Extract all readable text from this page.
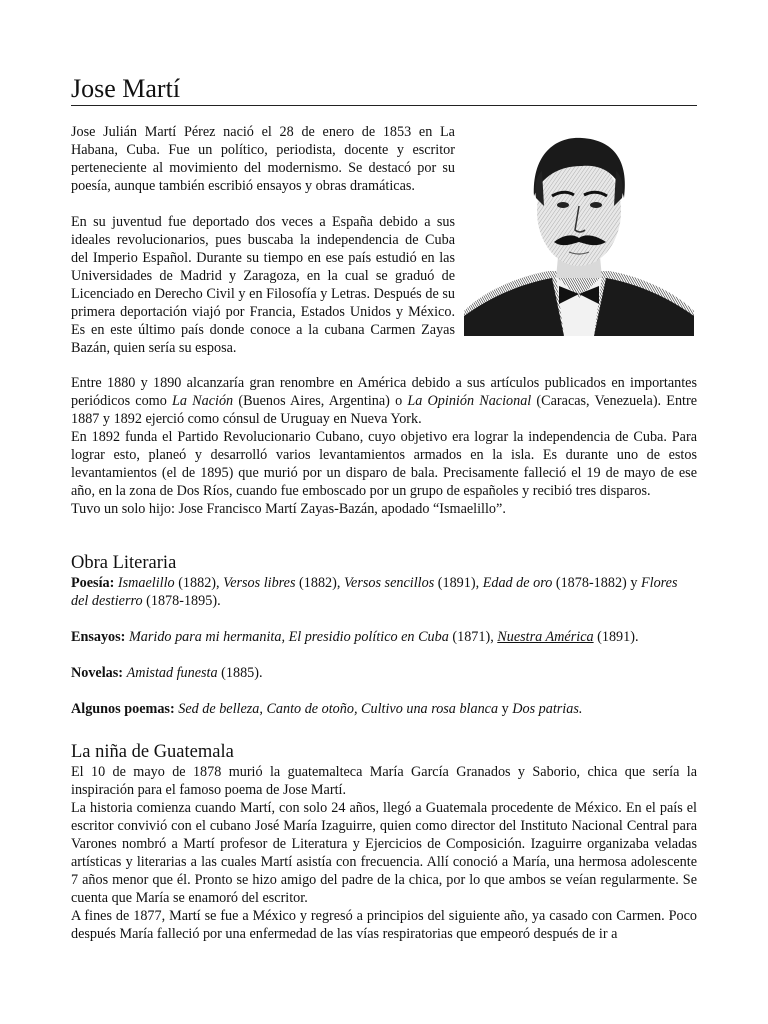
Jose Martí

Jose Julián Martí Pérez nació el 28 de enero de 1853 en La Habana, Cuba. Fue un político, periodista, docente y escritor perteneciente al movimiento del modernismo. Se destacó por su poesía, aunque también escribió ensayos y obras dramáticas.

En su juventud fue deportado dos veces a España debido a sus ideales revolucionarios, pues buscaba la independencia de Cuba del Imperio Español. Durante su tiempo en ese país estudió en las Universidades de Madrid y Zaragoza, en la cual se graduó de Licenciado en Derecho Civil y en Filosofía y Letras. Después de su primera deportación viajó por Francia, Estados Unidos y México. Es en este último país donde conoce a la cubana Carmen Zayas Bazán, quien sería su esposa.

Entre 1880 y 1890 alcanzaría gran renombre en América debido a sus artículos publicados en importantes periódicos como La Nación (Buenos Aires, Argentina) o La Opinión Nacional (Caracas, Venezuela). Entre 1887 y 1892 ejerció como cónsul de Uruguay en Nueva York.

En 1892 funda el Partido Revolucionario Cubano, cuyo objetivo era lograr la independencia de Cuba. Para lograr esto, planeó y desarrolló varios levantamientos armados en la isla. Es durante uno de estos levantamientos (el de 1895) que murió por un disparo de bala. Precisamente falleció el 19 de mayo de ese año, en la zona de Dos Ríos, cuando fue emboscado por un grupo de españoles y recibió tres disparos.

Tuvo un solo hijo: Jose Francisco Martí Zayas-Bazán, apodado “Ismaelillo”.

Obra Literaria

Poesía: Ismaelillo (1882), Versos libres (1882), Versos sencillos (1891), Edad de oro (1878-1882) y Flores del destierro (1878-1895).

Ensayos: Marido para mi hermanita, El presidio político en Cuba (1871), Nuestra América (1891).

Novelas: Amistad funesta (1885).

Algunos poemas: Sed de belleza, Canto de otoño, Cultivo una rosa blanca y Dos patrias.

La niña de Guatemala

El 10 de mayo de 1878 murió la guatemalteca María García Granados y Saborio, chica que sería la inspiración para el famoso poema de Jose Martí.

La historia comienza cuando Martí, con solo 24 años, llegó a Guatemala procedente de México. En el país el escritor convivió con el cubano José María Izaguirre, quien como director del Instituto Nacional Central para Varones nombró a Martí profesor de Literatura y Ejercicios de Composición. Izaguirre organizaba veladas artísticas y literarias a las cuales Martí asistía con frecuencia. Allí conoció a María, una hermosa adolescente 7 años menor que él. Pronto se hizo amigo del padre de la chica, por lo que ambos se veían regularmente. Se cuenta que María se enamoró del escritor.

A fines de 1877, Martí se fue a México y regresó a principios del siguiente año, ya casado con Carmen. Poco después María falleció por una enfermedad de las vías respiratorias que empeoró después de ir a
